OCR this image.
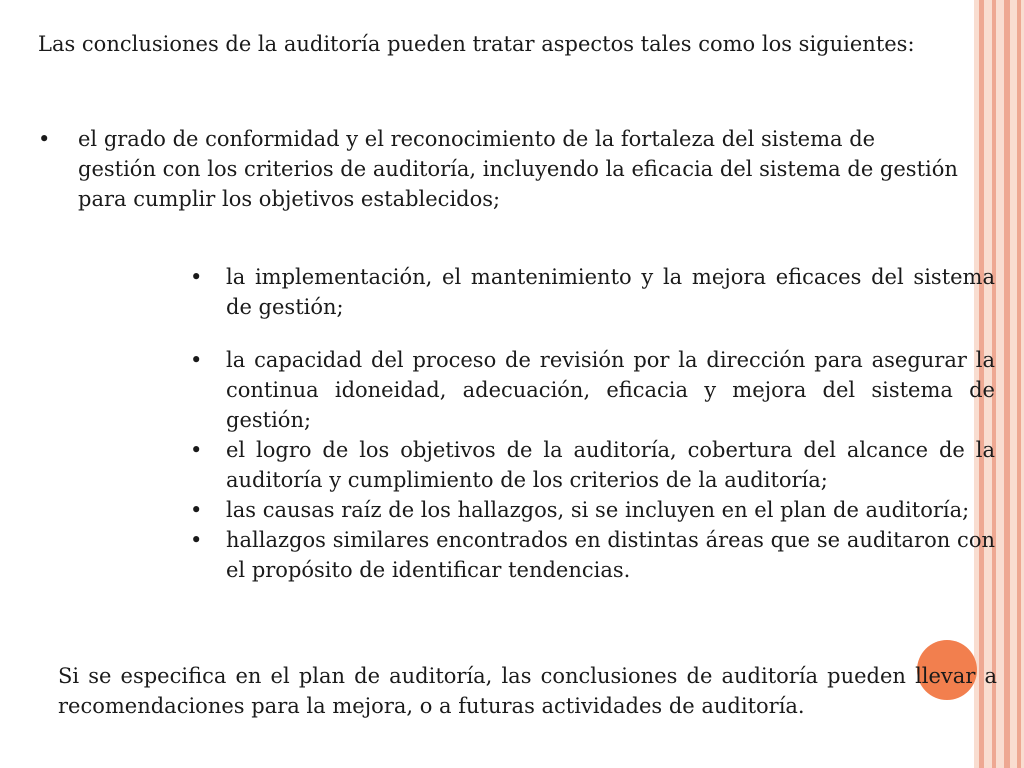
Las conclusiones de la auditoría pueden tratar aspectos tales como los siguientes:
• el grado de conformidad y el reconocimiento de la fortaleza del sistema de gestión con los criterios de auditoría, incluyendo la eficacia del sistema de gestión para cumplir los objetivos establecidos;
• la implementación, el mantenimiento y la mejora eficaces del sistema de gestión;
• la capacidad del proceso de revisión por la dirección para asegurar la continua idoneidad, adecuación, eficacia y mejora del sistema de gestión;
• el logro de los objetivos de la auditoría, cobertura del alcance de la auditoría y cumplimiento de los criterios de la auditoría;
• las causas raíz de los hallazgos, si se incluyen en el plan de auditoría;
• hallazgos similares encontrados en distintas áreas que se auditaron con el propósito de identificar tendencias.
Si se especifica en el plan de auditoría, las conclusiones de auditoría pueden llevar a recomendaciones para la mejora, o a futuras actividades de auditoría.
